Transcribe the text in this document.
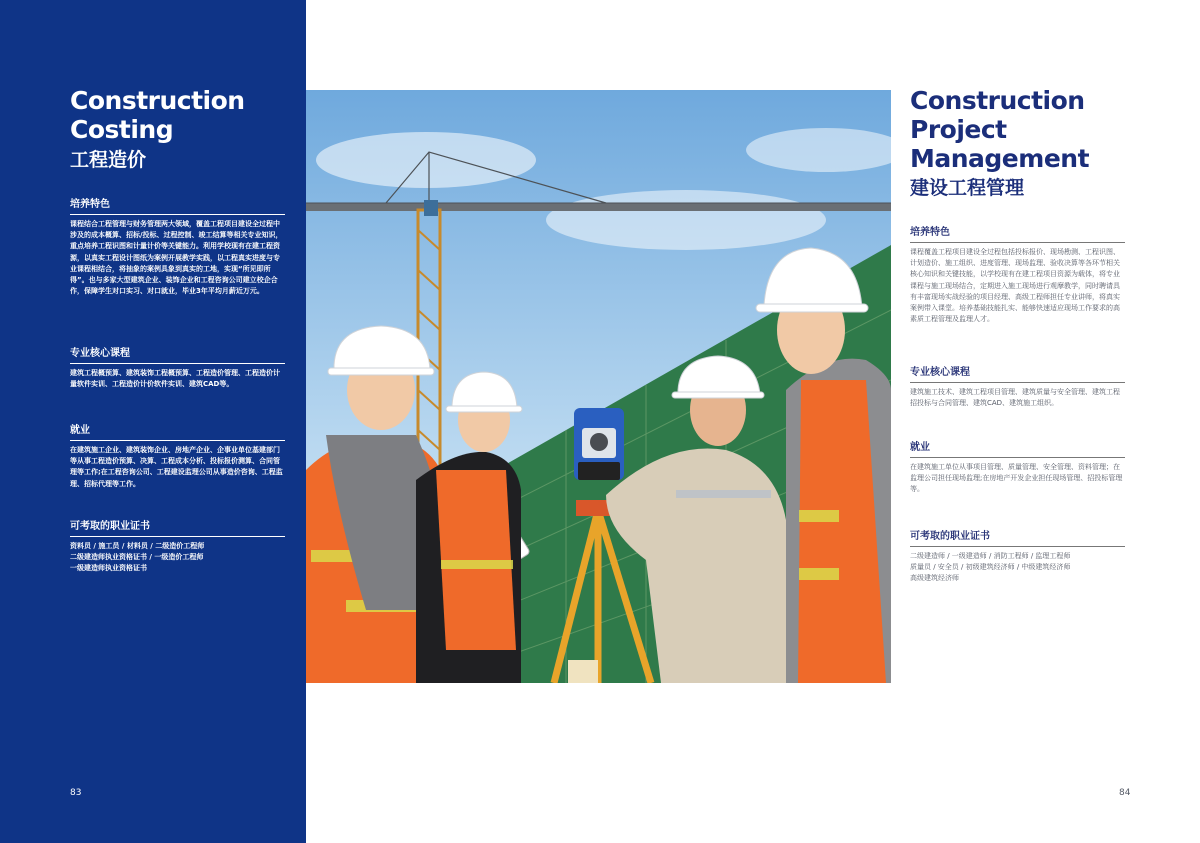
Construction Costing
工程造价
培养特色
课程结合工程管理与财务管理两大领域，覆盖工程项目建设全过程中涉及的成本概算、招标/投标、过程控制、竣工结算等相关专业知识，重点培养工程识图和计量计价等关键能力。利用学校现有在建工程资源，以真实工程设计图纸为案例开展教学实践，以工程真实进度与专业课程相结合，将抽象的案例具象到真实的工地，实现“所见即所得”。也与多家大型建筑企业、装饰企业和工程咨询公司建立校企合作，保障学生对口实习、对口就业，毕业3年平均月薪近万元。
专业核心课程
建筑工程概预算、建筑装饰工程概预算、工程造价管理、工程造价计量软件实训、工程造价计价软件实训、建筑CAD等。
就业
在建筑施工企业、建筑装饰企业、房地产企业、企事业单位基建部门等从事工程造价预算、决算、工程成本分析、投标报价测算、合同管理等工作;在工程咨询公司、工程建设监理公司从事造价咨询、工程监理、招标代理等工作。
可考取的职业证书
资料员 / 施工员 / 材料员 / 二级造价工程师
二级建造师执业资格证书 / 一级造价工程师
一级建造师执业资格证书
83
Construction Project Management
建设工程管理
培养特色
课程覆盖工程项目建设全过程包括投标报价、现场勘测、工程识图、计划造价、施工组织、进度管理、现场监理、验收决算等各环节相关核心知识和关键技能，以学校现有在建工程项目资源为载体，将专业课程与施工现场结合，定期进入施工现场进行观摩教学，同时聘请具有丰富现场实战经验的项目经理、高级工程师担任专业讲师，将真实案例带入课堂。培养基础技能扎实、能够快速适应现场工作要求的高素质工程管理及监理人才。
专业核心课程
建筑施工技术、建筑工程项目管理、建筑质量与安全管理、建筑工程招投标与合同管理、建筑CAD、建筑施工组织。
就业
在建筑施工单位从事项目管理、质量管理、安全管理、资料管理；在监理公司担任现场监理;在房地产开发企业担任现场管理、招投标管理等。
可考取的职业证书
二级建造师 / 一级建造师 / 消防工程师 / 监理工程师
质量员 / 安全员 / 初级建筑经济师 / 中级建筑经济师
高级建筑经济师
84
